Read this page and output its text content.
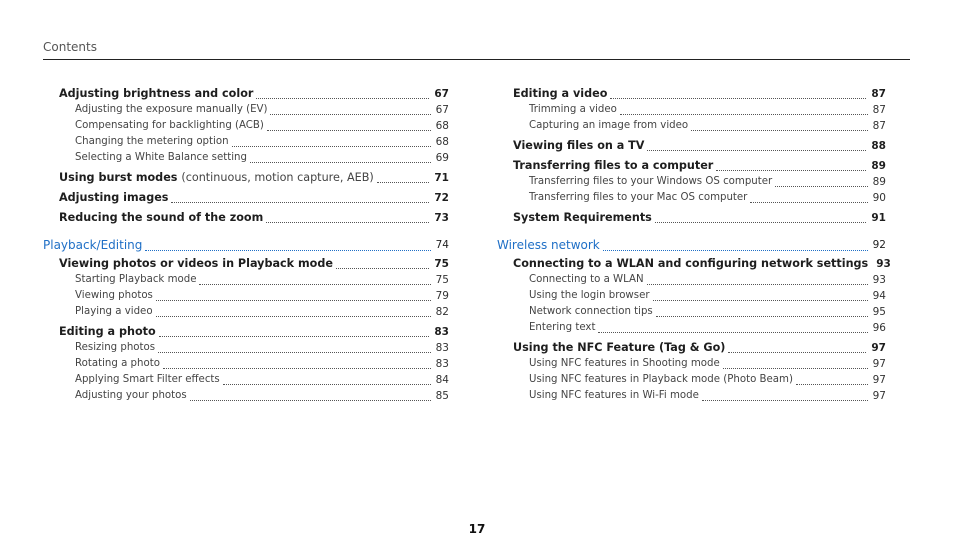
Contents
Adjusting brightness and color	67
Adjusting the exposure manually (EV)	67
Compensating for backlighting (ACB)	68
Changing the metering option	68
Selecting a White Balance setting	69
Using burst modes (continuous, motion capture, AEB)	71
Adjusting images	72
Reducing the sound of the zoom	73
Playback/Editing	74
Viewing photos or videos in Playback mode	75
Starting Playback mode	75
Viewing photos	79
Playing a video	82
Editing a photo	83
Resizing photos	83
Rotating a photo	83
Applying Smart Filter effects	84
Adjusting your photos	85
Editing a video	87
Trimming a video	87
Capturing an image from video	87
Viewing files on a TV	88
Transferring files to a computer	89
Transferring files to your Windows OS computer	89
Transferring files to your Mac OS computer	90
System Requirements	91
Wireless network	92
Connecting to a WLAN and configuring network settings 93
Connecting to a WLAN	93
Using the login browser	94
Network connection tips	95
Entering text	96
Using the NFC Feature (Tag & Go)	97
Using NFC features in Shooting mode	97
Using NFC features in Playback mode (Photo Beam)	97
Using NFC features in Wi-Fi mode	97
17
